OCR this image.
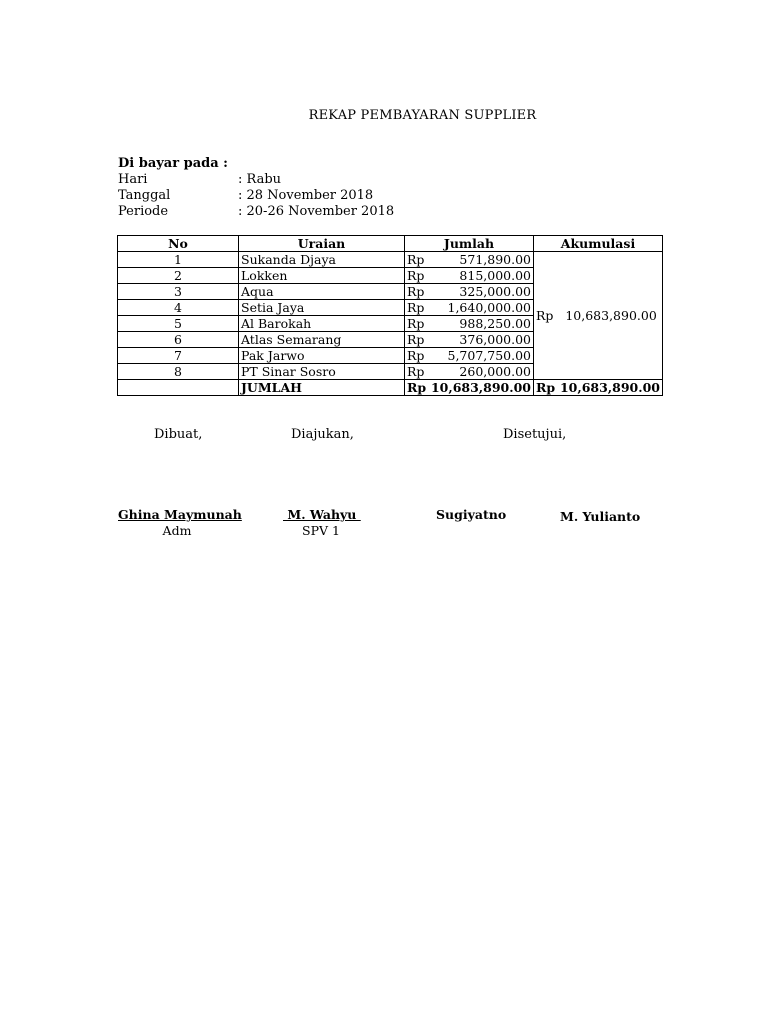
REKAP PEMBAYARAN SUPPLIER
Di bayar pada :
Hari	: Rabu
Tanggal	: 28 November 2018
Periode	: 20-26 November 2018
No	Uraian	Jumlah	Akumulasi
1	Sukanda Djaya	Rp 571,890.00	Rp 10,683,890.00
2	Lokken	Rp 815,000.00	

3	Aqua	Rp 325,000.00	

4	Setia Jaya	Rp 1,640,000.00	

5	Al Barokah	Rp 988,250.00	

6	Atlas Semarang	Rp 376,000.00	

7	Pak Jarwo	Rp 5,707,750.00	

8	PT Sinar Sosro	Rp 260,000.00	

	JUMLAH	Rp 10,683,890.00	Rp 10,683,890.00
Dibuat,	Diajukan,	Disetujui,
Ghina Maymunah	M. Wahyu	Sugiyatno	M. Yulianto
Adm	SPV 1
